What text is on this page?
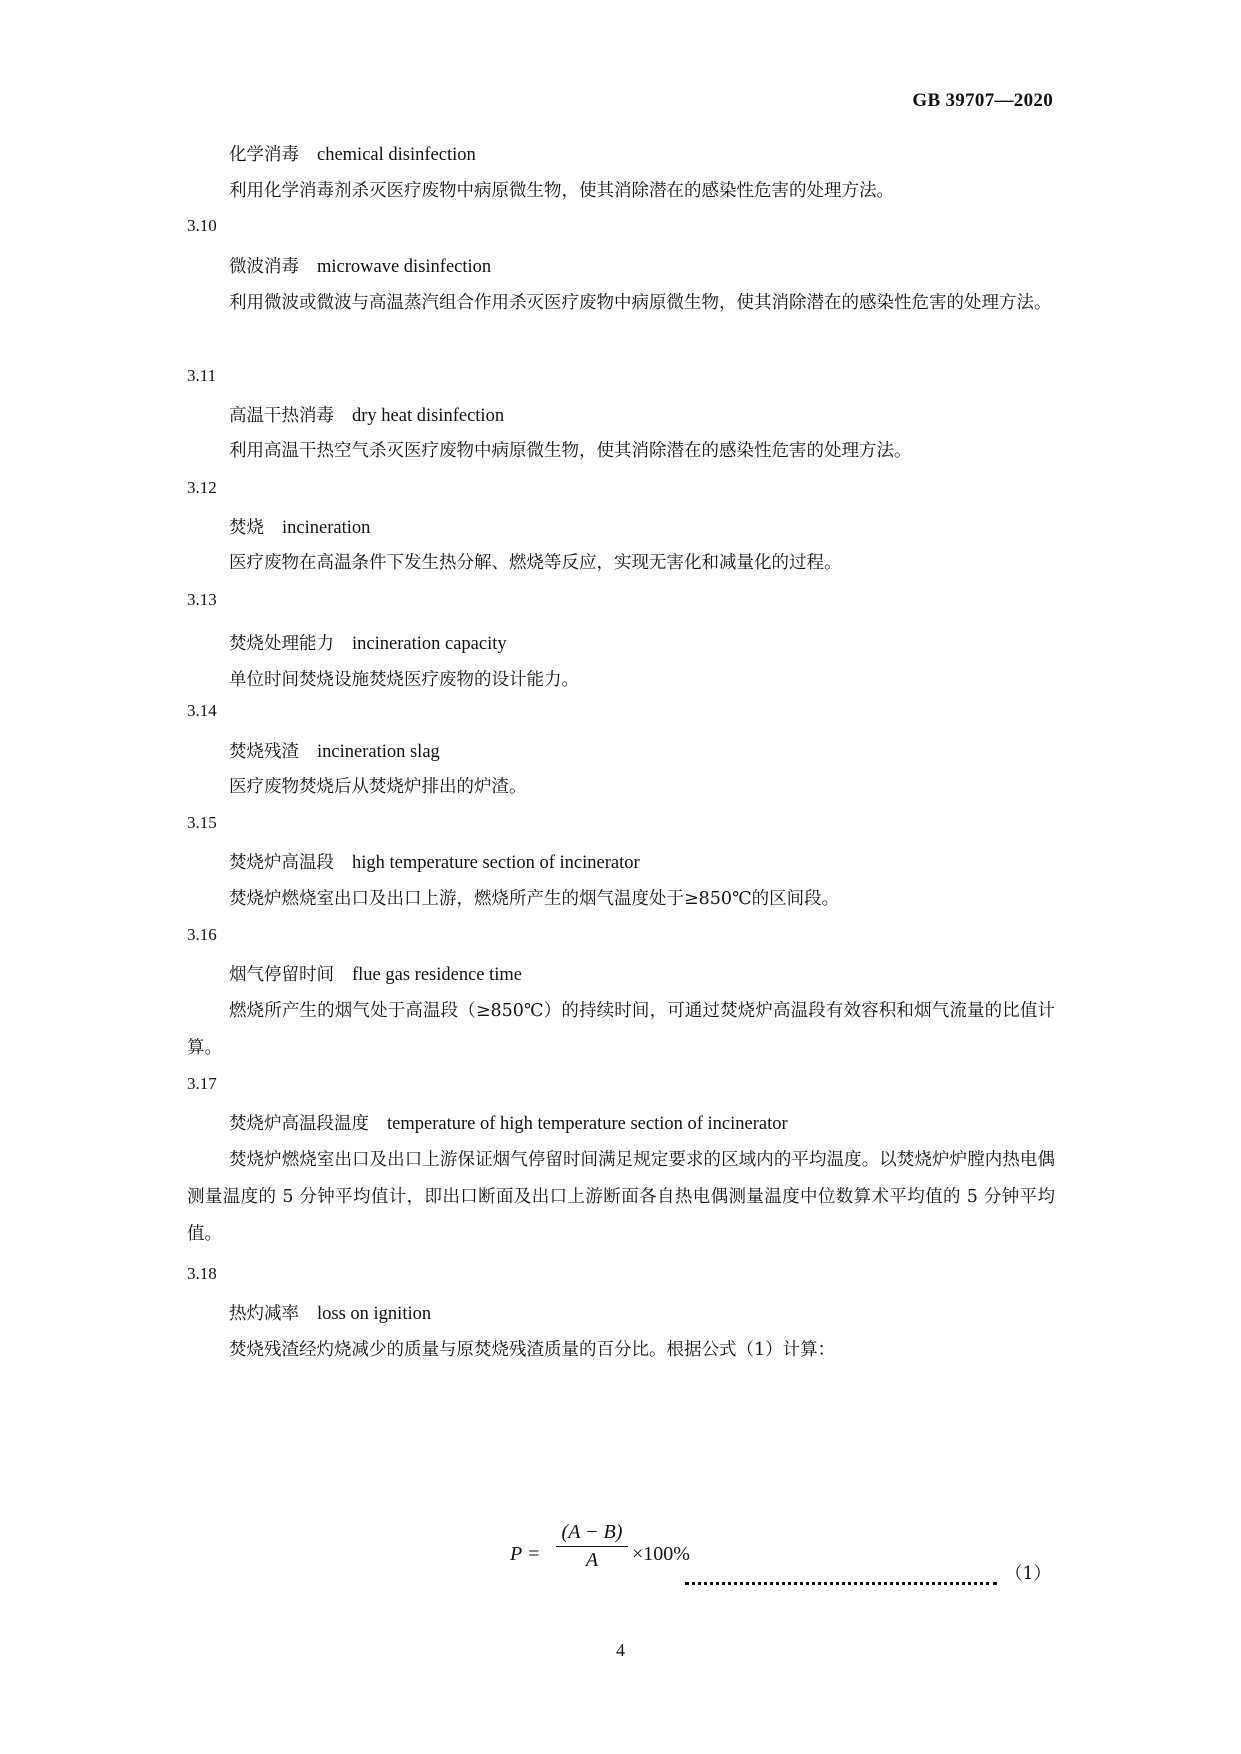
GB 39707—2020
化学消毒 chemical disinfection
利用化学消毒剂杀灭医疗废物中病原微生物，使其消除潜在的感染性危害的处理方法。
3.10
微波消毒 microwave disinfection
利用微波或微波与高温蒸汽组合作用杀灭医疗废物中病原微生物，使其消除潜在的感染性危害的处理方法。
3.11
高温干热消毒 dry heat disinfection
利用高温干热空气杀灭医疗废物中病原微生物，使其消除潜在的感染性危害的处理方法。
3.12
焚烧 incineration
医疗废物在高温条件下发生热分解、燃烧等反应，实现无害化和减量化的过程。
3.13
焚烧处理能力 incineration capacity
单位时间焚烧设施焚烧医疗废物的设计能力。
3.14
焚烧残渣 incineration slag
医疗废物焚烧后从焚烧炉排出的炉渣。
3.15
焚烧炉高温段 high temperature section of incinerator
焚烧炉燃烧室出口及出口上游，燃烧所产生的烟气温度处于≥850℃的区间段。
3.16
烟气停留时间 flue gas residence time
燃烧所产生的烟气处于高温段（≥850℃）的持续时间，可通过焚烧炉高温段有效容积和烟气流量的比值计算。
3.17
焚烧炉高温段温度 temperature of high temperature section of incinerator
焚烧炉燃烧室出口及出口上游保证烟气停留时间满足规定要求的区域内的平均温度。以焚烧炉炉膛内热电偶测量温度的 5 分钟平均值计，即出口断面及出口上游断面各自热电偶测量温度中位数算术平均值的 5 分钟平均值。
3.18
热灼减率 loss on ignition
焚烧残渣经灼烧减少的质量与原焚烧残渣质量的百分比。根据公式（1）计算：
$P = \frac{(A - B)}{A} \times 100\%$
（1）
4
